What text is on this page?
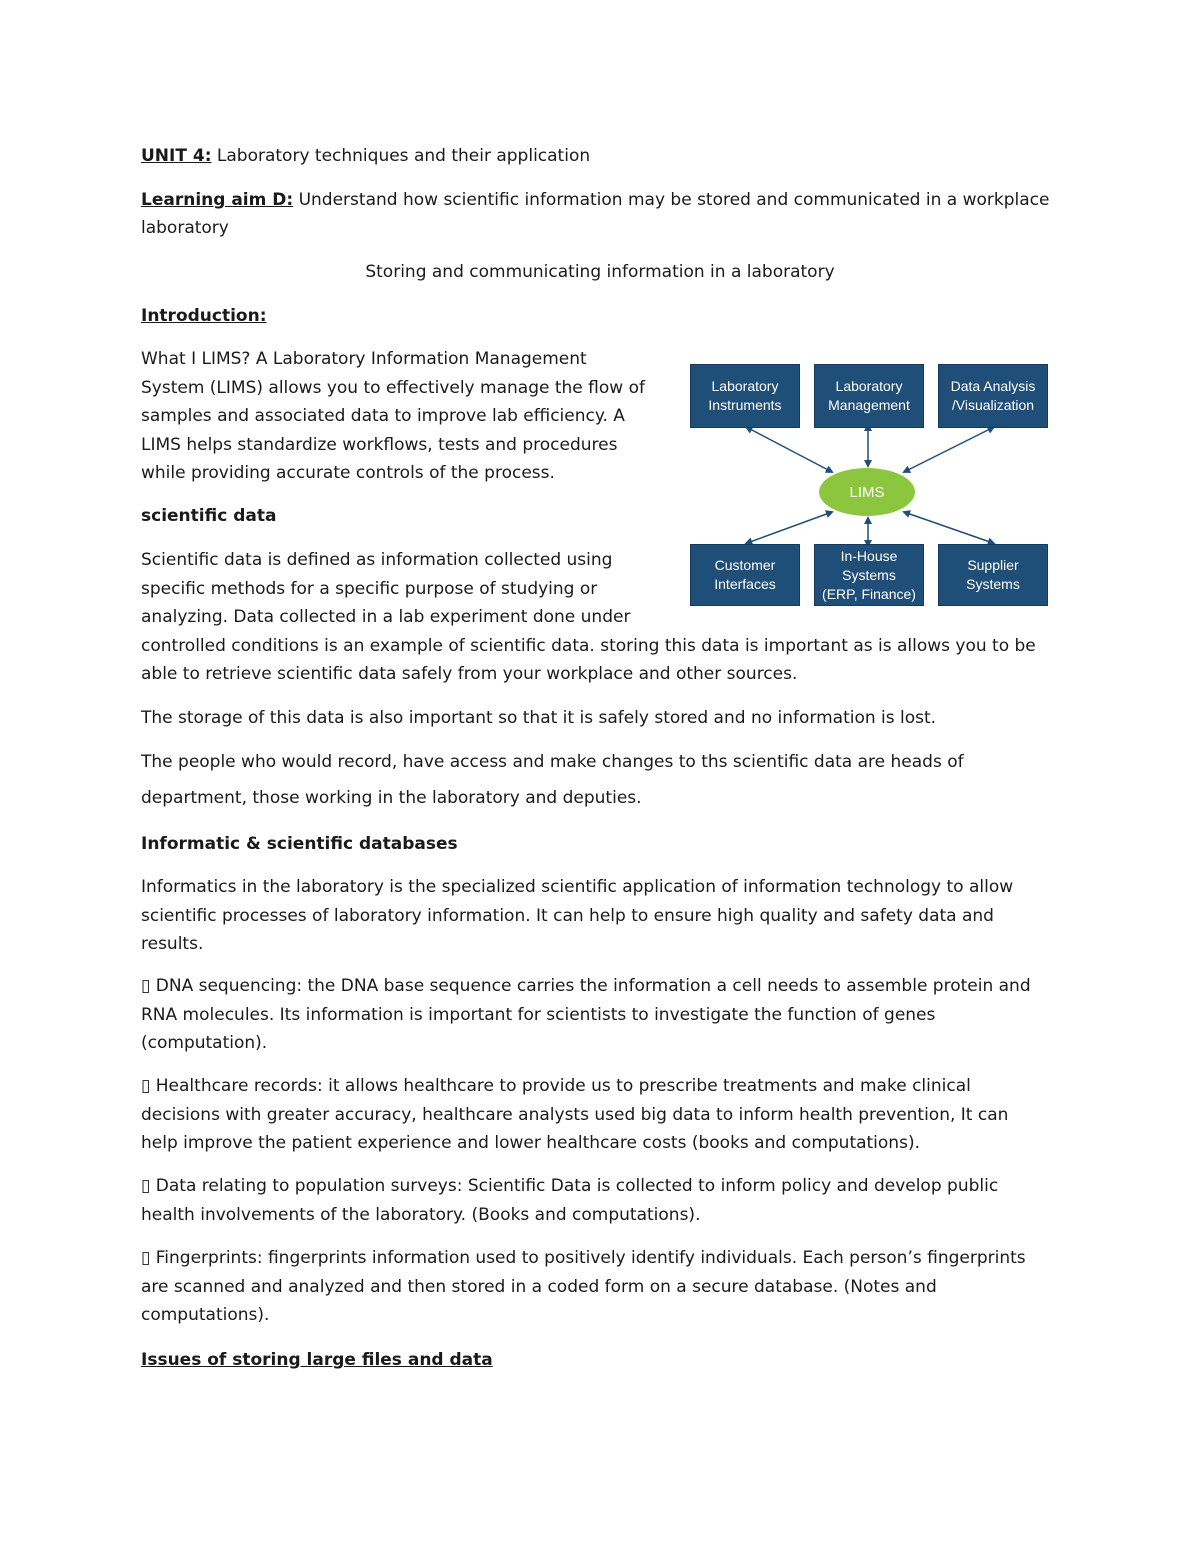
UNIT 4: Laboratory techniques and their application
Learning aim D: Understand how scientific information may be stored and communicated in a workplace
laboratory
Storing and communicating information in a laboratory
Introduction:

What I LIMS? A Laboratory Information Management

System (LIMS) allows you to effectively manage the flow of

samples and associated data to improve lab efficiency. A

LIMS helps standardize workflows, tests and procedures

while providing accurate controls of the process.

scientific data

Scientific data is defined as information collected using

specific methods for a specific purpose of studying or

analyzing. Data collected in a lab experiment done under

controlled conditions is an example of scientific data. storing this data is important as is allows you to be

able to retrieve scientific data safely from your workplace and other sources.

The storage of this data is also important so that it is safely stored and no information is lost.
The people who would record, have access and make changes to ths scientific data are heads of
department, those working in the laboratory and deputies.
Laboratory
Instruments
Laboratory
Management
Data Analysis
/Visualization
LIMS
Customer
Interfaces
In-House
Systems
(ERP, Finance)
Supplier
Systems
Informatic & scientific databases

Informatics in the laboratory is the specialized scientific application of information technology to allow

scientific processes of laboratory information. It can help to ensure high quality and safety data and

results.

▯ DNA sequencing: the DNA base sequence carries the information a cell needs to assemble protein and

RNA molecules. Its information is important for scientists to investigate the function of genes

(computation).

▯ Healthcare records: it allows healthcare to provide us to prescribe treatments and make clinical

decisions with greater accuracy, healthcare analysts used big data to inform health prevention, It can

help improve the patient experience and lower healthcare costs (books and computations).

▯ Data relating to population surveys: Scientific Data is collected to inform policy and develop public

health involvements of the laboratory. (Books and computations).

▯ Fingerprints: fingerprints information used to positively identify individuals. Each person’s fingerprints

are scanned and analyzed and then stored in a coded form on a secure database. (Notes and

computations).

Issues of storing large files and data
